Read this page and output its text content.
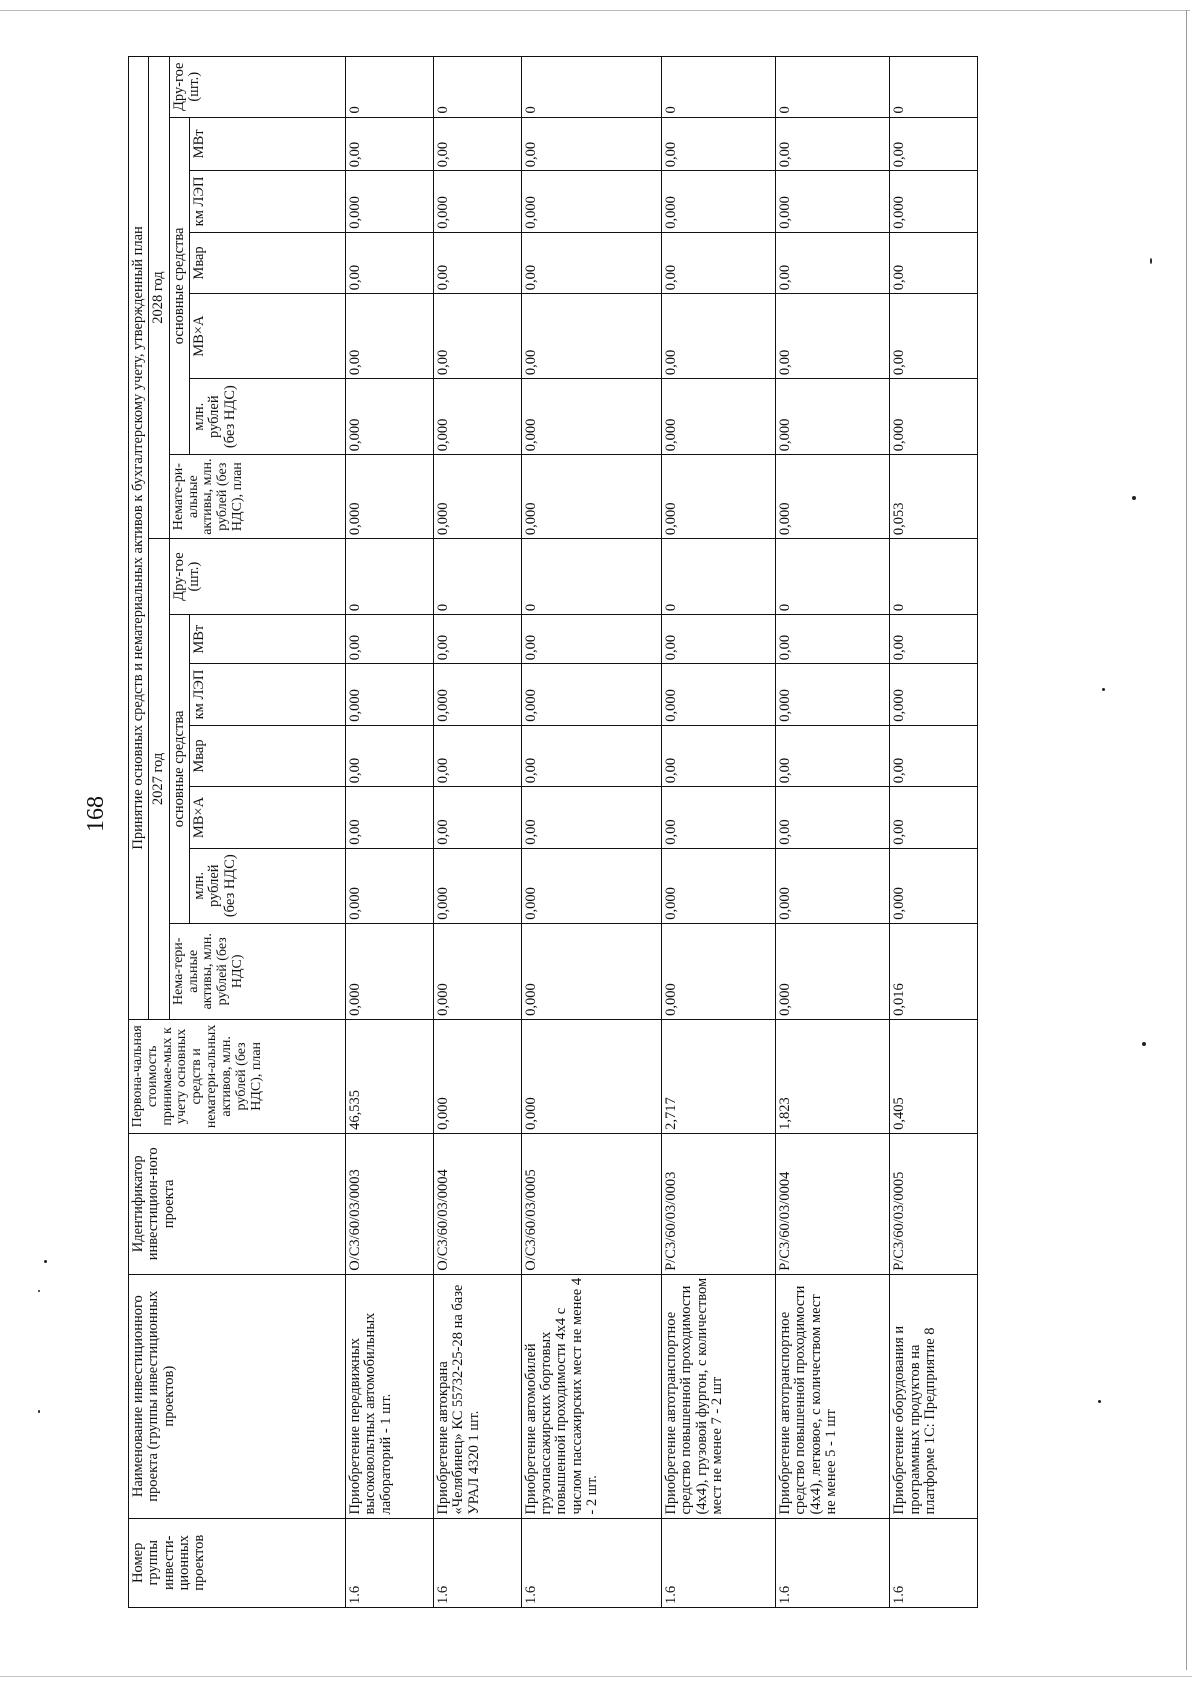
168
Номер группы инвести-ционных проектов	Наименование инвестиционного проекта (группы инвестиционных проектов)	Идентификатор инвестицион-ного проекта	Первона-чальная стоимость принимае-мых к учету основных средств и нематери-альных активов, млн. рублей (без НДС), план	Принятие основных средств и нематериальных активов к бухгалтерскому учету, утвержденный план													
				2027 год							2028 год						
				Нема-тери-альные активы, млн. рублей (без НДС)	основные средства					Дру-гое (шт.)	Немате-ри-альные активы, млн. рублей (без НДС), план	основные средства					Дру-гое (шт.)
					млн. рублей (без НДС)	МВ×А	Мвар	км ЛЭП	МВт			млн. рублей (без НДС)	МВ×А	Мвар	км ЛЭП	МВт	
1.6	Приобретение передвижных высоковольтных автомобильных лабораторий - 1 шт.	О/С3/60/03/0003	46,535	0,000	0,000	0,00	0,00	0,000	0,00	0	0,000	0,000	0,00	0,00	0,000	0,00	0
1.6	Приобретение автокрана «Челябинец» КС 55732-25-28 на базе УРАЛ 4320 1 шт.	О/С3/60/03/0004	0,000	0,000	0,000	0,00	0,00	0,000	0,00	0	0,000	0,000	0,00	0,00	0,000	0,00	0
1.6	Приобретение автомобилей грузопассажирских бортовых повышенной проходимости 4х4 с числом пассажирских мест не менее 4 - 2 шт.	О/С3/60/03/0005	0,000	0,000	0,000	0,00	0,00	0,000	0,00	0	0,000	0,000	0,00	0,00	0,000	0,00	0
1.6	Приобретение автотранспортное средство повышенной проходимости (4х4), грузовой фургон, с количеством мест не менее 7 - 2 шт	Р/С3/60/03/0003	2,717	0,000	0,000	0,00	0,00	0,000	0,00	0	0,000	0,000	0,00	0,00	0,000	0,00	0
1.6	Приобретение автотранспортное средство повышенной проходимости (4х4), легковое, с количеством мест не менее 5 - 1 шт	Р/С3/60/03/0004	1,823	0,000	0,000	0,00	0,00	0,000	0,00	0	0,000	0,000	0,00	0,00	0,000	0,00	0
1.6	Приобретение оборудования и программных продуктов на платформе 1С: Предприятие 8	Р/С3/60/03/0005	0,405	0,016	0,000	0,00	0,00	0,000	0,00	0	0,053	0,000	0,00	0,00	0,000	0,00	0
